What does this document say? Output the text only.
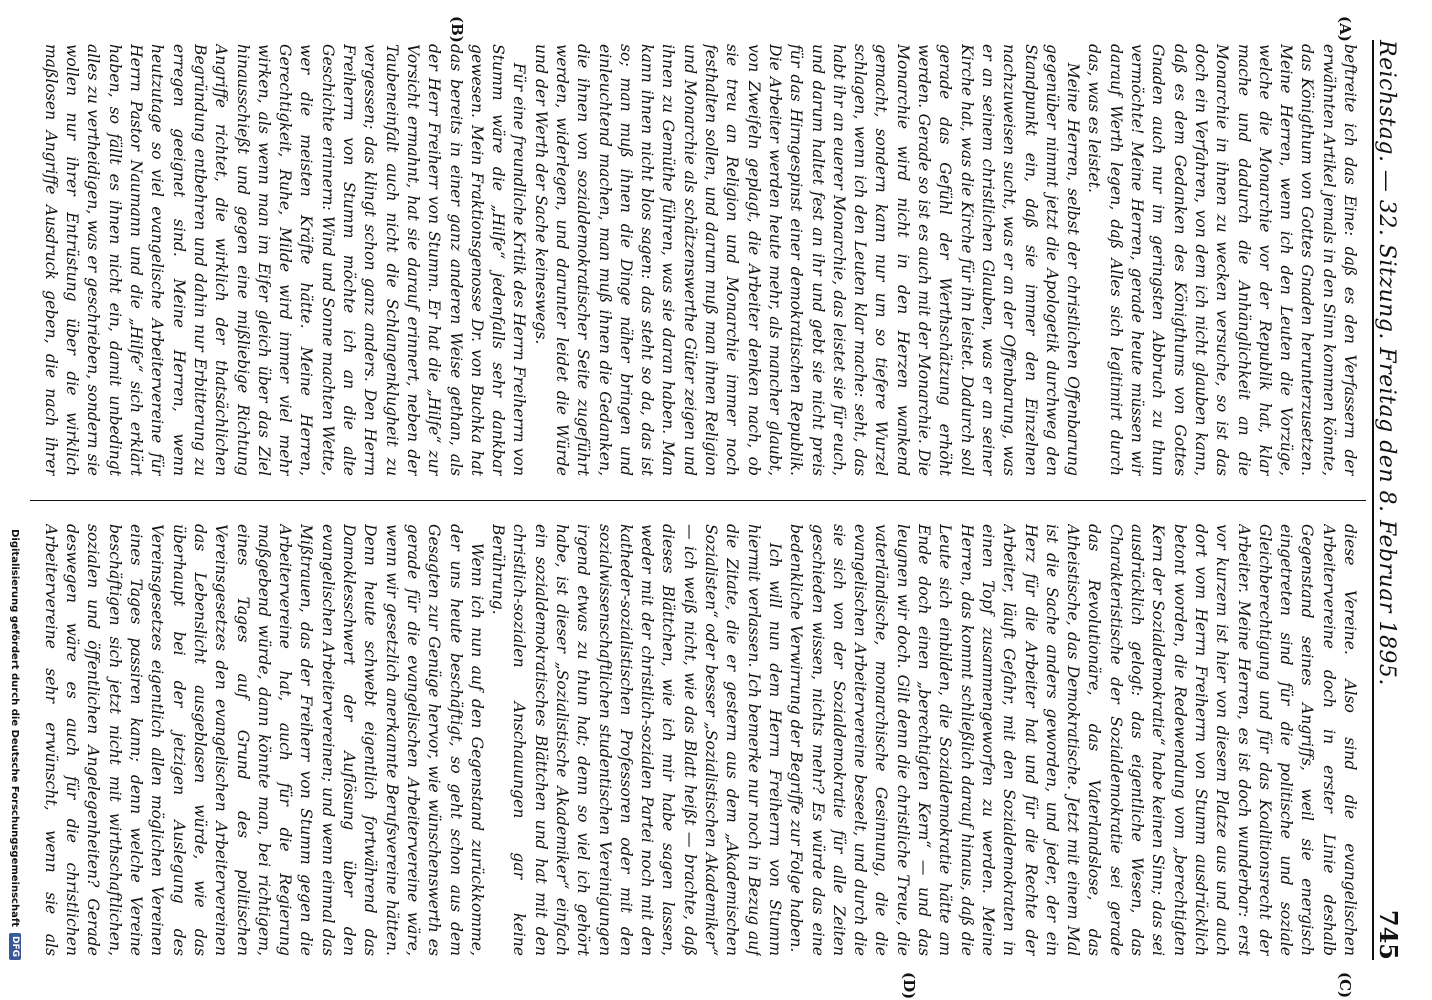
Reichstag. — 32. Sitzung. Freitag den 8. Februar 1895.
745
(A)
(B)
(C)
(D)

beftreite ich das Eine: daß es den Verfassern der erwähnten Artikel jemals in den Sinn kommen könnte, das Königthum von Gottes Gnaden herunterzusetzen. Meine Herren, wenn ich den Leuten die Vorzüge, welche die Monarchie vor der Republik hat, klar mache und dadurch die Anhänglichkeit an die Monarchie in ihnen zu wecken versuche, so ist das doch ein Verfahren, von dem ich nicht glauben kann, daß es dem Gedanken des Königthums von Gottes Gnaden auch nur im geringsten Abbruch zu thun vermöchte! Meine Herren, gerade heute müssen wir darauf Werth legen, daß Alles sich legitimirt durch das, was es leistet.

Meine Herren, selbst der christlichen Offenbarung gegenüber nimmt jetzt die Apologetik durchweg den Standpunkt ein, daß sie immer den Einzelnen nachzuweisen sucht, was er an der Offenbarung, was er an seinem christlichen Glauben, was er an seiner Kirche hat, was die Kirche für ihn leistet. Dadurch soll gerade das Gefühl der Werthschätzung erhöht werden. Gerade so ist es auch mit der Monarchie. Die Monarchie wird nicht in den Herzen wankend gemacht, sondern kann nur um so tiefere Wurzel schlagen, wenn ich den Leuten klar mache: seht, das habt ihr an euerer Monarchie, das leistet sie für euch, und darum haltet fest an ihr und gebt sie nicht preis für das Hirngespinst einer demokratischen Republik. Die Arbeiter werden heute mehr, als mancher glaubt, von Zweifeln geplagt, die Arbeiter denken nach, ob sie treu an Religion und Monarchie immer noch festhalten sollen, und darum muß man ihnen Religion und Monarchie als schätzenswerthe Güter zeigen und ihnen zu Gemüthe führen, was sie daran haben. Man kann ihnen nicht blos sagen: das steht so da, das ist so; man muß ihnen die Dinge näher bringen und einleuchtend machen, man muß ihnen die Gedanken, die ihnen von sozialdemokratischer Seite zugeführt werden, widerlegen, und darunter leidet die Würde und der Werth der Sache keineswegs.

Für eine freundliche Kritik des Herrn Freiherrn von Stumm wäre die „Hilfe“ jedenfalls sehr dankbar gewesen. Mein Fraktionsgenosse Dr. von Buchka hat das bereits in einer ganz anderen Weise gethan, als der Herr Freiherr von Stumm. Er hat die „Hilfe“ zur Vorsicht ermahnt, hat sie darauf erinnert, neben der Taubeneinfalt auch nicht die Schlangenklugheit zu vergessen; das klingt schon ganz anders. Den Herrn Freiherrn von Stumm möchte ich an die alte Geschichte erinnern: Wind und Sonne machten Wette, wer die meisten Kräfte hätte. Meine Herren, Gerechtigkeit, Ruhe, Milde wird immer viel mehr wirken, als wenn man im Eifer gleich über das Ziel hinausschießt und gegen eine mißliebige Richtung Angriffe richtet, die wirklich der thatsächlichen Begründung entbehren und dahin nur Erbitterung zu erregen geeignet sind. Meine Herren, wenn heutzutage so viel evangelische Arbeitervereine für Herrn Pastor Naumann und die „Hilfe“ sich erklärt haben, so fällt es ihnen nicht ein, damit unbedingt alles zu vertheidigen, was er geschrieben, sondern sie wollen nur ihrer Entrüstung über die wirklich maßlosen Angriffe Ausdruck geben, die nach ihrer

diese Vereine. Also sind die evangelischen Arbeitervereine doch in erster Linie deshalb Gegenstand seines Angriffs, weil sie energisch eingetreten sind für die politische und soziale Gleichberechtigung und für das Koalitionsrecht der Arbeiter. Meine Herren, es ist doch wunderbar: erst vor kurzem ist hier von diesem Platze aus und auch dort vom Herrn Freiherrn von Stumm ausdrücklich betont worden, die Redewendung vom „berechtigten Kern der Sozialdemokratie“ habe keinen Sinn; das sei ausdrücklich gelogt: das eigentliche Wesen, das Charakteristische der Sozialdemokratie sei gerade das Revolutionäre, das Vaterlandslose, das Atheistische, das Demokratische. Jetzt mit einem Mal ist die Sache anders geworden, und jeder, der ein Herz für die Arbeiter hat und für die Rechte der Arbeiter, läuft Gefahr, mit den Sozialdemokraten in einen Topf zusammengeworfen zu werden. Meine Herren, das kommt schließlich darauf hinaus, daß die Leute sich einbilden, die Sozialdemokratie hätte am Ende doch einen „berechtigten Kern“ — und das leugnen wir doch. Gilt denn die christliche Treue, die vaterländische, monarchische Gesinnung, die die evangelischen Arbeitervereine beseelt, und durch die sie sich von der Sozialdemokratie für alle Zeiten geschieden wissen, nichts mehr? Es würde das eine bedenkliche Verwirrung der Begriffe zur Folge haben.

Ich will nun dem Herrn Freiherrn von Stumm hiermit verlassen. Ich bemerke nur noch in Bezug auf die Zitate, die er gestern aus dem „Akademischen Sozialisten“ oder besser „Sozialistischen Akademiker“ — ich weiß nicht, wie das Blatt heißt — brachte, daß dieses Blättchen, wie ich mir habe sagen lassen, weder mit der christlich-sozialen Partei noch mit den katheder-sozialistischen Professoren oder mit den sozialwissenschaftlichen studentischen Vereinigungen irgend etwas zu thun hat; denn so viel ich gehört habe, ist dieser „Sozialistische Akademiker“ einfach ein sozialdemokratisches Blättchen und hat mit den christlich-sozialen Anschauungen gar keine Berührung.

Wenn ich nun auf den Gegenstand zurückkomme, der uns heute beschäftigt, so geht schon aus dem Gesagten zur Genüge hervor, wie wünschenswerth es gerade für die evangelischen Arbeitervereine wäre, wenn wir gesetzlich anerkannte Berufsvereine hätten. Denn heute schwebt eigentlich fortwährend das Damoklesschwert der Auflösung über den evangelischen Arbeitervereinen; und wenn einmal das Mißtrauen, das der Freiherr von Stumm gegen die Arbeitervereine hat, auch für die Regierung maßgebend würde, dann könnte man, bei richtigem, eines Tages auf Grund des politischen Vereinsgesetzes den evangelischen Arbeitervereinen das Lebenslicht ausgeblasen würde, wie das überhaupt bei der jetzigen Auslegung des Vereinsgesetzes eigentlich allen möglichen Vereinen eines Tages passiren kann; denn welche Vereine beschäftigen sich jetzt nicht mit wirthschaftlichen, sozialen und öffentlichen Angelegenheiten? Gerade deswegen wäre es auch für die christlichen Arbeitervereine sehr erwünscht, wenn sie als

Digitalisierung gefördert durch die Deutsche Forschungsgemeinschaft
DFG
